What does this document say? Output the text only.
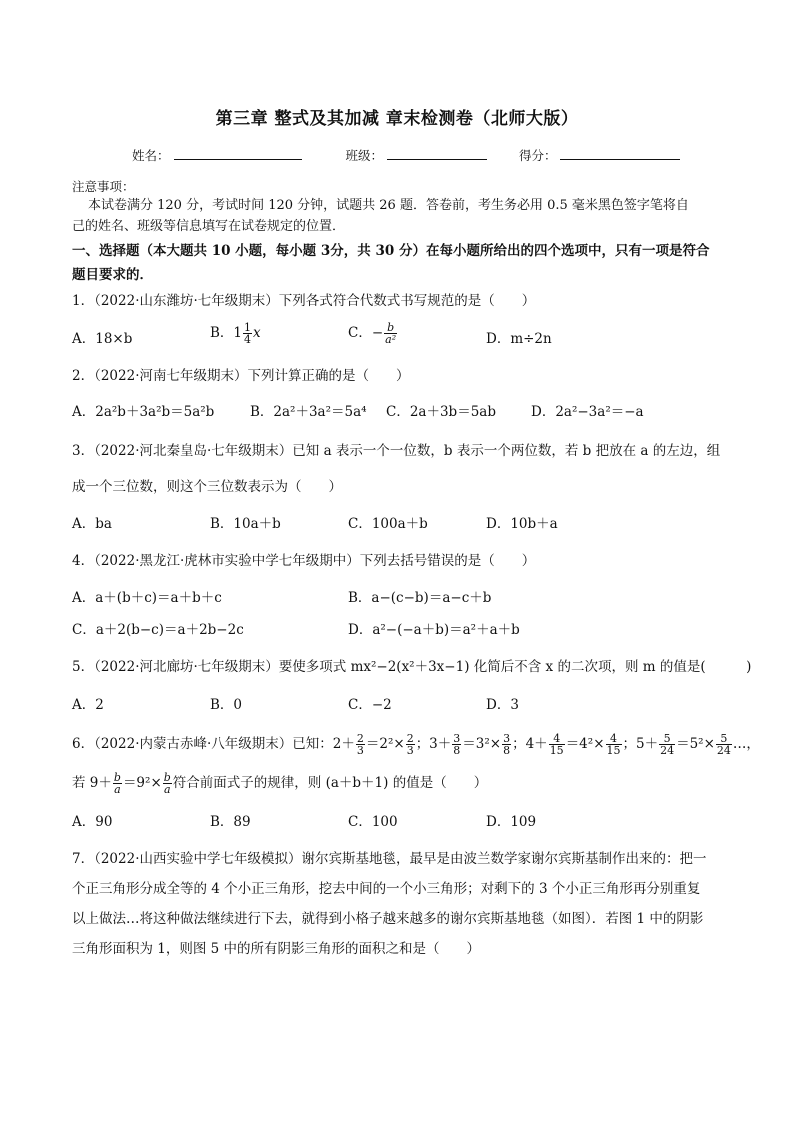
第三章 整式及其加减 章末检测卷（北师大版）
姓名：	班级：	得分：
注意事项：
本试卷满分 120 分，考试时间 120 分钟，试题共 26 题．答卷前，考生务必用 0.5 毫米黑色签字笔将自
己的姓名、班级等信息填写在试卷规定的位置．
一、选择题（本大题共 10 小题，每小题 3分，共 30 分）在每小题所给出的四个选项中，只有一项是符合
题目要求的．
1．（2022·山东潍坊·七年级期末）下列各式符合代数式书写规范的是（　　）
A．18×b	B．$1 \frac{1}{4}$ x	C．− $\frac{b}{\text{a²}}$	D．m÷2n
2．（2022·河南七年级期末）下列计算正确的是（　　）
A．2a²b＋3a²b＝5a²b	B．2a²＋3a²＝5a⁴ C．2a＋3b＝5ab	D．2a²−3a²＝−a
3．（2022·河北秦皇岛·七年级期末）已知 a 表示一个一位数，b 表示一个两位数，若 b 把放在 a 的左边，组
成一个三位数，则这个三位数表示为（　　）
A．ba	B．10a＋b	C．100a＋b	D．10b＋a
4．（2022·黑龙江·虎林市实验中学七年级期中）下列去括号错误的是（　　）
A．a＋(b＋c)＝a＋b＋c	B．a−(c−b)＝a−c＋b
C．a＋2(b−c)＝a＋2b−2c	D．a²−(−a＋b)＝a²＋a＋b
5．（2022·河北廊坊·七年级期末）要使多项式 mx²−2(x²＋3x−1) 化简后不含 x 的二次项，则 m 的值是(　　　)
A．2	B．0	C．−2	D．3
6．（2022·内蒙古赤峰·八年级期末）已知：$2+ \frac{2}{3} =2^2\times \frac{2}{3}$ ；$3+ \frac{3}{8} =3^2\times \frac{3}{8}$ ；$4+ \frac{4}{15} =4^2\times \frac{4}{15}$ ；$5+ \frac{5}{24} =5^2\times \frac{5}{24}$ …，
若 $9+ \frac{b}{a} =9^2\times \frac{b}{a}$ 符合前面式子的规律，则 (a＋b＋1) 的值是（　　）
A．90	B．89	C．100	D．109
7．（2022·山西实验中学七年级模拟）谢尔宾斯基地毯，最早是由波兰数学家谢尔宾斯基制作出来的：把一
个正三角形分成全等的 4 个小正三角形，挖去中间的一个小三角形；对剩下的 3 个小正三角形再分别重复
以上做法…将这种做法继续进行下去，就得到小格子越来越多的谢尔宾斯基地毯（如图）．若图 1 中的阴影
三角形面积为 1，则图 5 中的所有阴影三角形的面积之和是（　　）
